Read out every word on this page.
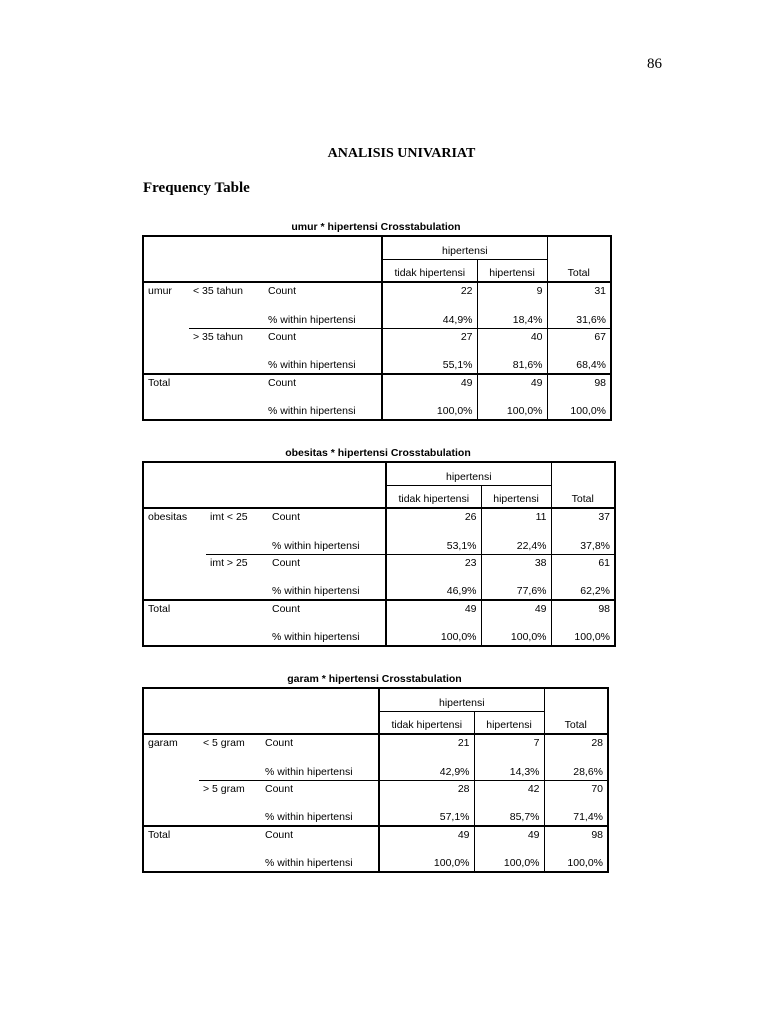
86
ANALISIS UNIVARIAT
Frequency Table
umur * hipertensi Crosstabulation
			hipertensi		
			tidak hipertensi	hipertensi	Total
umur	< 35 tahun	Count	22	9	31
		% within hipertensi	44,9%	18,4%	31,6%
	> 35 tahun	Count	27	40	67
		% within hipertensi	55,1%	81,6%	68,4%
Total		Count	49	49	98
		% within hipertensi	100,0%	100,0%	100,0%
obesitas * hipertensi Crosstabulation
			hipertensi		
			tidak hipertensi	hipertensi	Total
obesitas	imt < 25	Count	26	11	37
		% within hipertensi	53,1%	22,4%	37,8%
	imt > 25	Count	23	38	61
		% within hipertensi	46,9%	77,6%	62,2%
Total		Count	49	49	98
		% within hipertensi	100,0%	100,0%	100,0%
garam * hipertensi Crosstabulation
			hipertensi		
			tidak hipertensi	hipertensi	Total
garam	< 5 gram	Count	21	7	28
		% within hipertensi	42,9%	14,3%	28,6%
	> 5 gram	Count	28	42	70
		% within hipertensi	57,1%	85,7%	71,4%
Total		Count	49	49	98
		% within hipertensi	100,0%	100,0%	100,0%
